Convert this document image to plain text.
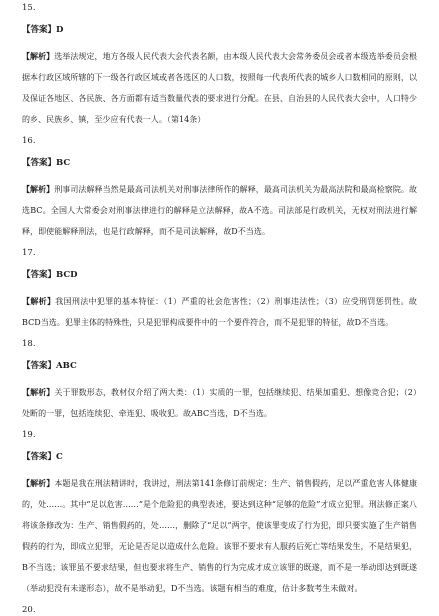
15.

【答案】D

【解析】选举法规定，地方各级人民代表大会代表名额，由本级人民代表大会常务委员会或者本级选举委员会根据本行政区域所辖的下一级各行政区域或者各选区的人口数，按照每一代表所代表的城乡人口数相同的原则，以及保证各地区、各民族、各方面都有适当数量代表的要求进行分配。在县、自治县的人民代表大会中，人口特少的乡、民族乡、镇，至少应有代表一人。（第14条）

16.

【答案】BC

【解析】刑事司法解释当然是最高司法机关对刑事法律所作的解释，最高司法机关为最高法院和最高检察院。故选BC。全国人大常委会对刑事法律进行的解释是立法解释，故A不选。司法部是行政机关，无权对刑法进行解释，即使能解释刑法，也是行政解释，而不是司法解释，故D不当选。

17.

【答案】BCD

【解析】我国刑法中犯罪的基本特征：（1）严重的社会危害性；（2）刑事违法性；（3）应受刑罚惩罚性。故BCD当选。犯罪主体的特殊性，只是犯罪构成要件中的一个要件符合，而不是犯罪的特征，故D不当选。

18.

【答案】ABC

【解析】关于罪数形态，教材仅介绍了两大类：（1）实质的一罪，包括继续犯、结果加重犯、想像竞合犯；（2）处断的一罪，包括连续犯、牵连犯、吸收犯。故ABC当选，D不当选。

19.

【答案】C

【解析】本题是我在刑法精讲时，我讲过，刑法第141条修订前规定：生产、销售假药，足以严重危害人体健康的，处……。其中“足以危害……”是个危险犯的典型表述，要达到这种“足够的危险”才成立犯罪。刑法修正案八将该条修改为：生产、销售假药的，处……，删除了“足以”两字，使该罪变成了行为犯，即只要实施了生产销售假药的行为，即成立犯罪，无论是否足以造成什么危险。该罪不要求有人服药后死亡等结果发生，不是结果犯，B不当选；该罪虽不要求结果，但也要求将生产、销售的行为完成才成立该罪的既遂，而不是一举动即达到既遂（举动犯没有未遂形态），故不是举动犯，D不当选。该题有相当的难度，估计多数考生未做对。

20.
